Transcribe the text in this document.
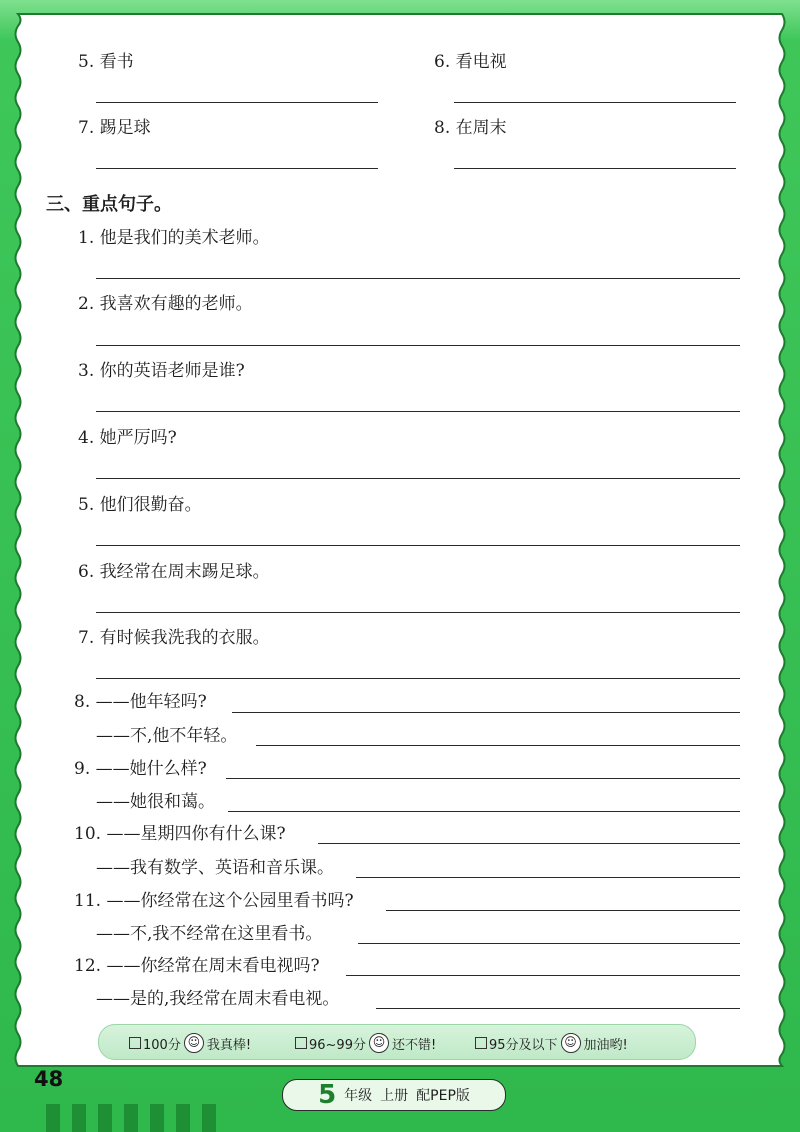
5. 看书	6. 看电视
7. 踢足球	8. 在周末
三、重点句子。
1. 他是我们的美术老师。
2. 我喜欢有趣的老师。
3. 你的英语老师是谁?
4. 她严厉吗?
5. 他们很勤奋。
6. 我经常在周末踢足球。
7. 有时候我洗我的衣服。
8. ——他年轻吗?
——不,他不年轻。
9. ——她什么样?
——她很和蔼。
10. ——星期四你有什么课?
——我有数学、英语和音乐课。
11. ——你经常在这个公园里看书吗?
——不,我不经常在这里看书。
12. ——你经常在周末看电视吗?
——是的,我经常在周末看电视。
100分 ☺ 我真棒!	96~99分 ☺ 还不错!	95分及以下 ☺ 加油哟!
48
5 年级 上册 配PEP版
